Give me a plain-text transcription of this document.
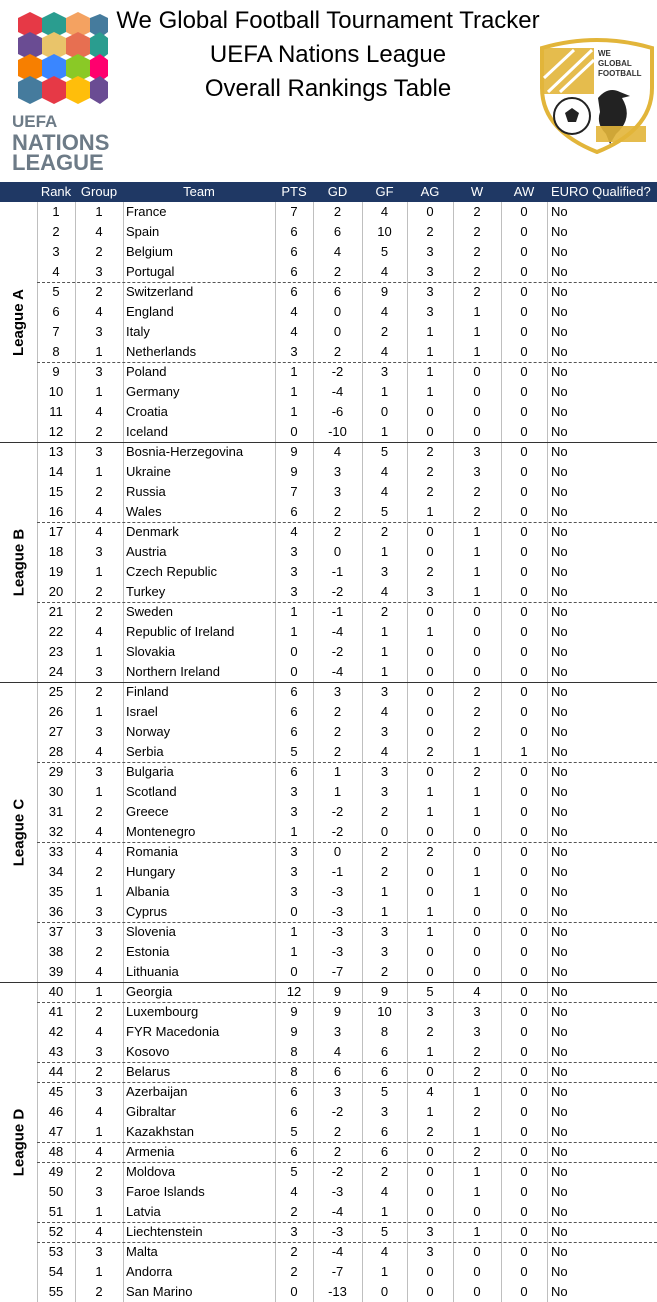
We Global Football Tournament Tracker
UEFA Nations League
Overall Rankings Table
UEFA
NATIONS
LEAGUE
WE
GLOBAL
FOOTBALL
Rank Group	Team	PTS	GD	GF	AG	W	AW	EURO Qualified?
1	1	France	7	2	4	0	2	0	No
2	4	Spain	6	6	10	2	2	0	No
3	2	Belgium	6	4	5	3	2	0	No
4	3	Portugal	6	2	4	3	2	0	No
5	2	Switzerland	6	6	9	3	2	0	No
6	4	England	4	0	4	3	1	0	No
7	3	Italy	4	0	2	1	1	0	No
8	1	Netherlands	3	2	4	1	1	0	No
9	3	Poland	1	-2	3	1	0	0	No
10	1	Germany	1	-4	1	1	0	0	No
11	4	Croatia	1	-6	0	0	0	0	No
12	2	Iceland	0	-10	1	0	0	0	No
13	3	Bosnia-Herzegovina	9	4	5	2	3	0	No
14	1	Ukraine	9	3	4	2	3	0	No
15	2	Russia	7	3	4	2	2	0	No
16	4	Wales	6	2	5	1	2	0	No
17	4	Denmark	4	2	2	0	1	0	No
18	3	Austria	3	0	1	0	1	0	No
19	1	Czech Republic	3	-1	3	2	1	0	No
20	2	Turkey	3	-2	4	3	1	0	No
21	2	Sweden	1	-1	2	0	0	0	No
22	4	Republic of Ireland	1	-4	1	1	0	0	No
23	1	Slovakia	0	-2	1	0	0	0	No
24	3	Northern Ireland	0	-4	1	0	0	0	No
25	2	Finland	6	3	3	0	2	0	No
26	1	Israel	6	2	4	0	2	0	No
27	3	Norway	6	2	3	0	2	0	No
28	4	Serbia	5	2	4	2	1	1	No
29	3	Bulgaria	6	1	3	0	2	0	No
30	1	Scotland	3	1	3	1	1	0	No
31	2	Greece	3	-2	2	1	1	0	No
32	4	Montenegro	1	-2	0	0	0	0	No
33	4	Romania	3	0	2	2	0	0	No
34	2	Hungary	3	-1	2	0	1	0	No
35	1	Albania	3	-3	1	0	1	0	No
36	3	Cyprus	0	-3	1	1	0	0	No
37	3	Slovenia	1	-3	3	1	0	0	No
38	2	Estonia	1	-3	3	0	0	0	No
39	4	Lithuania	0	-7	2	0	0	0	No
40	1	Georgia	12	9	9	5	4	0	No
41	2	Luxembourg	9	9	10	3	3	0	No
42	4	FYR Macedonia	9	3	8	2	3	0	No
43	3	Kosovo	8	4	6	1	2	0	No
44	2	Belarus	8	6	6	0	2	0	No
45	3	Azerbaijan	6	3	5	4	1	0	No
46	4	Gibraltar	6	-2	3	1	2	0	No
47	1	Kazakhstan	5	2	6	2	1	0	No
48	4	Armenia	6	2	6	0	2	0	No
49	2	Moldova	5	-2	2	0	1	0	No
50	3	Faroe Islands	4	-3	4	0	1	0	No
51	1	Latvia	2	-4	1	0	0	0	No
52	4	Liechtenstein	3	-3	5	3	1	0	No
53	3	Malta	2	-4	4	3	0	0	No
54	1	Andorra	2	-7	1	0	0	0	No
55	2	San Marino	0	-13	0	0	0	0	No
League A
League B
League C
League D
